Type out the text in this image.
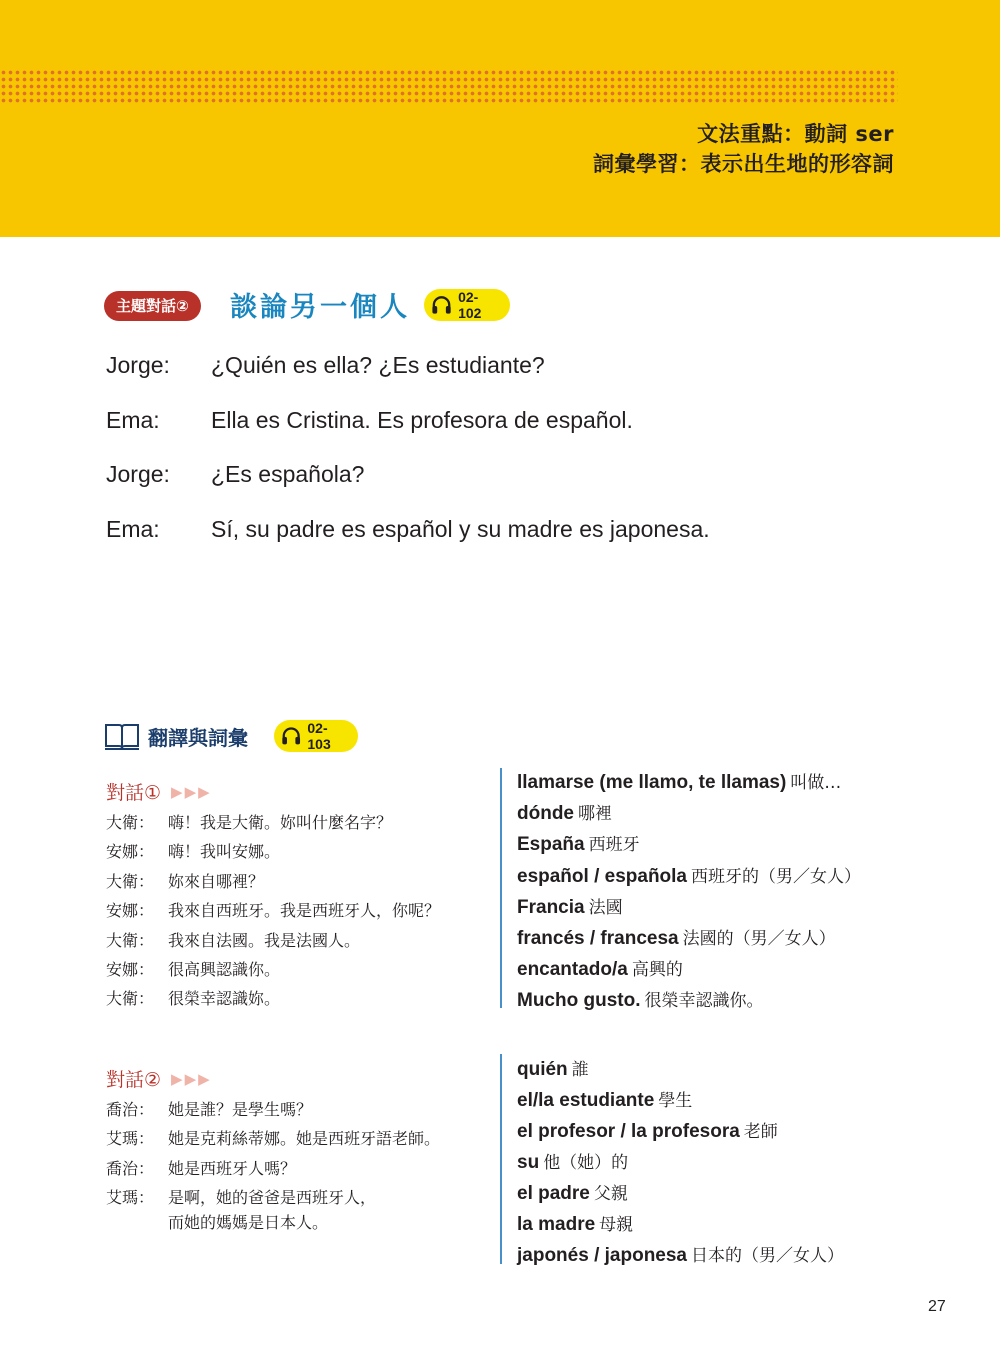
文法重點：動詞 ser
詞彙學習：表示出生地的形容詞
主題對話②	談論另一個人	02-102
Jorge: ¿Quién es ella? ¿Es estudiante?
Ema: Ella es Cristina. Es profesora de español.
Jorge: ¿Es española?
Ema: Sí, su padre es español y su madre es japonesa.
翻譯與詞彙	02-103
對話① ▶▶▶
大衛： 嗨！我是大衛。妳叫什麼名字？
安娜： 嗨！我叫安娜。
大衛： 妳來自哪裡？
安娜： 我來自西班牙。我是西班牙人，你呢？
大衛： 我來自法國。我是法國人。
安娜： 很高興認識你。
大衛： 很榮幸認識妳。
對話② ▶▶▶
喬治： 她是誰？是學生嗎？
艾瑪： 她是克莉絲蒂娜。她是西班牙語老師。
喬治： 她是西班牙人嗎？
艾瑪： 是啊，她的爸爸是西班牙人，
而她的媽媽是日本人。
llamarse (me llamo, te llamas) 叫做…
dónde 哪裡
España 西班牙
español / española 西班牙的（男／女人）
Francia 法國
francés / francesa 法國的（男／女人）
encantado/a 高興的
Mucho gusto. 很榮幸認識你。
quién 誰
el/la estudiante 學生
el profesor / la profesora 老師
su 他（她）的
el padre 父親
la madre 母親
japonés / japonesa 日本的（男／女人）
27
